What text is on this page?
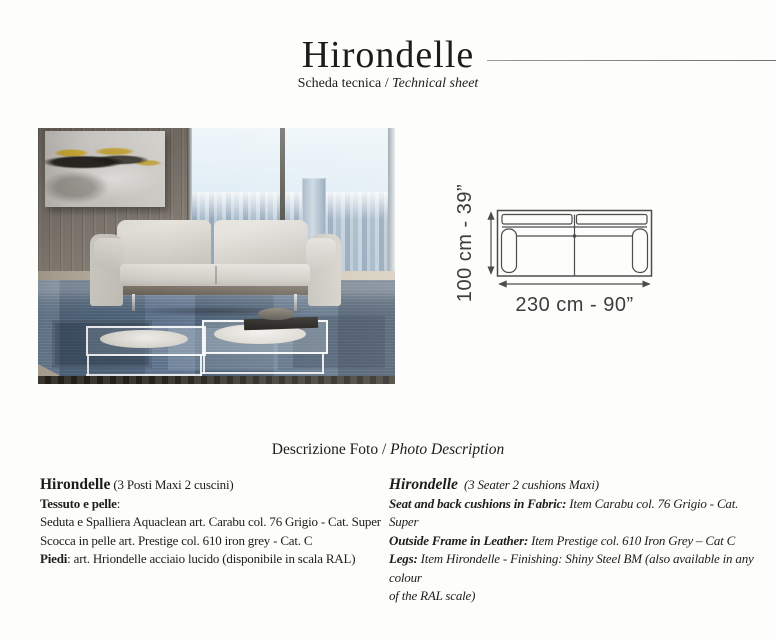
Hirondelle
Scheda tecnica / Technical sheet
100 cm - 39”
230 cm - 90”
Descrizione Foto / Photo Description

Hirondelle (3 Posti Maxi 2 cuscini)

Tessuto e pelle:

Seduta e Spalliera Aquaclean art. Carabu col. 76 Grigio - Cat. Super

Scocca in pelle art. Prestige col. 610 iron grey - Cat. C

Piedi: art. Hriondelle acciaio lucido (disponibile in scala RAL)

Hirondelle  (3 Seater 2 cushions Maxi)

Seat and back cushions in Fabric: Item Carabu col. 76 Grigio - Cat. Super

Outside Frame in Leather: Item Prestige col. 610 Iron Grey – Cat C

Legs: Item Hirondelle - Finishing: Shiny Steel BM (also available in any colour

of the RAL scale)
